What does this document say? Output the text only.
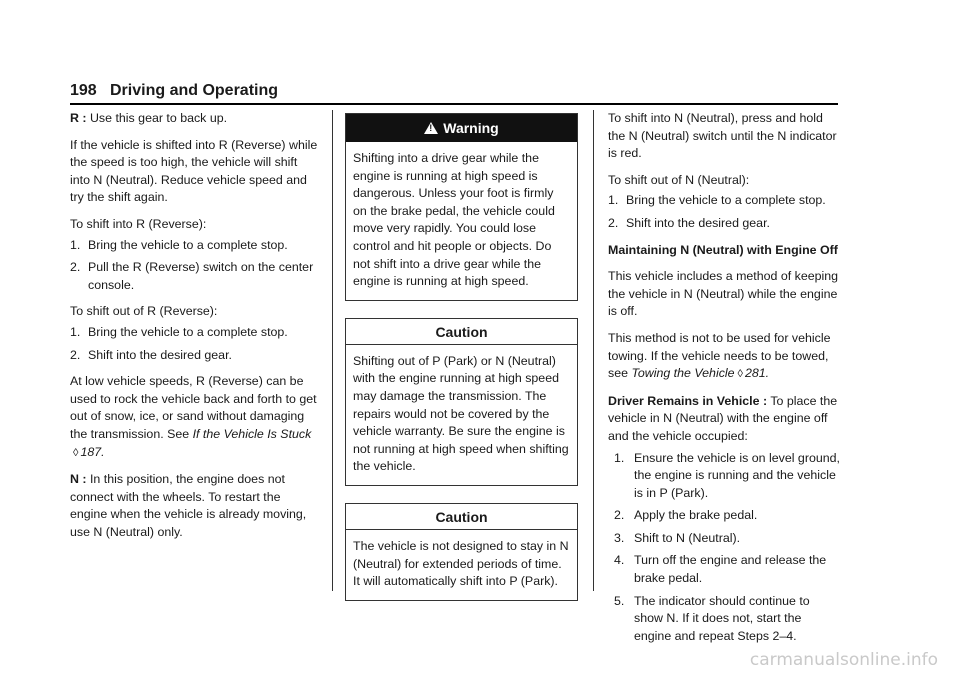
198 Driving and Operating

R : Use this gear to back up.

If the vehicle is shifted into R (Reverse) while the speed is too high, the vehicle will shift into N (Neutral). Reduce vehicle speed and try the shift again.

To shift into R (Reverse):

1. Bring the vehicle to a complete stop.
2. Pull the R (Reverse) switch on the center console.

To shift out of R (Reverse):

1. Bring the vehicle to a complete stop.
2. Shift into the desired gear.

At low vehicle speeds, R (Reverse) can be used to rock the vehicle back and forth to get out of snow, ice, or sand without damaging the transmission. See If the Vehicle Is Stuck◊ 187.

N : In this position, the engine does not connect with the wheels. To restart the engine when the vehicle is already moving, use N (Neutral) only.

!Warning
Shifting into a drive gear while the engine is running at high speed is dangerous. Unless your foot is firmly on the brake pedal, the vehicle could move very rapidly. You could lose control and hit people or objects. Do not shift into a drive gear while the engine is running at high speed.
Caution
Shifting out of P (Park) or N (Neutral) with the engine running at high speed may damage the transmission. The repairs would not be covered by the vehicle warranty. Be sure the engine is not running at high speed when shifting the vehicle.
Caution
The vehicle is not designed to stay in N (Neutral) for extended periods of time. It will automatically shift into P (Park).

To shift into N (Neutral), press and hold the N (Neutral) switch until the N indicator is red.

To shift out of N (Neutral):

1. Bring the vehicle to a complete stop.
2. Shift into the desired gear.

Maintaining N (Neutral) with Engine Off

This vehicle includes a method of keeping the vehicle in N (Neutral) while the engine is off.

This method is not to be used for vehicle towing. If the vehicle needs to be towed, see Towing the Vehicle ◊ 281.

Driver Remains in Vehicle : To place the vehicle in N (Neutral) with the engine off and the vehicle occupied:

1. Ensure the vehicle is on level ground, the engine is running and the vehicle is in P (Park).
2. Apply the brake pedal.
3. Shift to N (Neutral).
4. Turn off the engine and release the brake pedal.
5. The indicator should continue to show N. If it does not, start the engine and repeat Steps 2–4.
carmanualsonline.info
